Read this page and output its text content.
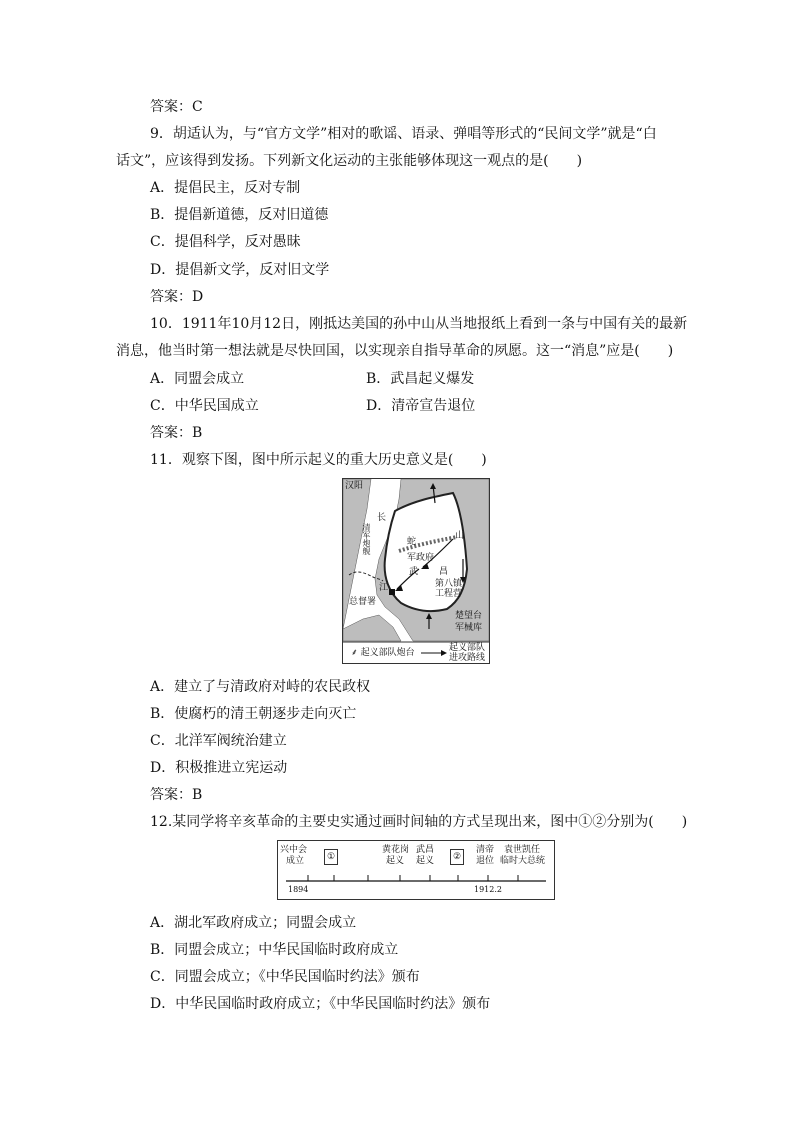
答案：C
9．胡适认为，与“官方文学”相对的歌谣、语录、弹唱等形式的“民间文学”就是“白
话文”，应该得到发扬。下列新文化运动的主张能够体现这一观点的是(　　)
A．提倡民主，反对专制
B．提倡新道德，反对旧道德
C．提倡科学，反对愚昧
D．提倡新文学，反对旧文学
答案：D
10．1911年10月12日，刚抵达美国的孙中山从当地报纸上看到一条与中国有关的最新
消息，他当时第一想法就是尽快回国，以实现亲自指导革命的夙愿。这一“消息”应是(　　)
A．同盟会成立	B．武昌起义爆发
C．中华民国成立	D．清帝宣告退位
答案：B
11．观察下图，图中所示起义的重大历史意义是(　　)
汉阳
长
清军炮舰
江
蛇
山
军政府
武 昌
第八镇
工程营
总督署
楚望台
军械库
⸙ 起义部队炮台	起义部队
进攻路线
A．建立了与清政府对峙的农民政权
B．使腐朽的清王朝逐步走向灭亡
C．北洋军阀统治建立
D．积极推进立宪运动
答案：B
12.某同学将辛亥革命的主要史实通过画时间轴的方式呈现出来，图中①②分别为(　　)
兴中会
成立	①
黄花岗
起义
武昌
起义	②
清帝
退位
袁世凯任
临时大总统
1894	1912.2
A．湖北军政府成立；同盟会成立
B．同盟会成立；中华民国临时政府成立
C．同盟会成立；《中华民国临时约法》颁布
D．中华民国临时政府成立；《中华民国临时约法》颁布
